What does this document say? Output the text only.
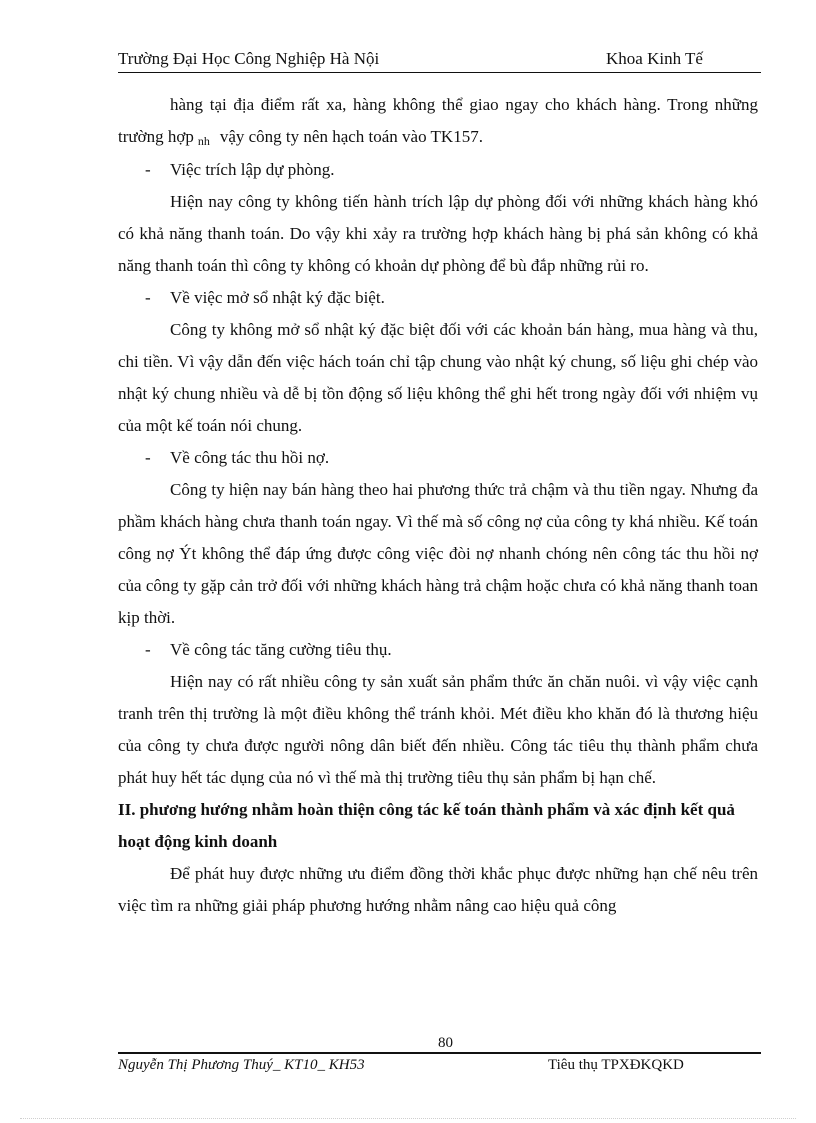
Trường Đại Học Công Nghiệp Hà Nội	Khoa Kinh Tế

hàng tại địa điểm rất xa, hàng không thể giao ngay cho khách hàng. Trong những trường hợp nh vậy công ty nên hạch toán vào TK157.

- Việc trích lập dự phòng.

Hiện nay công ty không tiến hành trích lập dự phòng đối với những khách hàng khó có khả năng thanh toán. Do vậy khi xảy ra trường hợp khách hàng bị phá sản không có khả năng thanh toán thì công ty không có khoản dự phòng để bù đắp những rủi ro.

- Về việc mở sổ nhật ký đặc biệt.

Công ty không mở sổ nhật ký đặc biệt đối với các khoản bán hàng, mua hàng và thu, chi tiền. Vì vậy dẫn đến việc hách toán chỉ tập chung vào nhật ký chung, số liệu ghi chép vào nhật ký chung nhiều và dễ bị tồn động số liệu không thể ghi hết trong ngày đối với nhiệm vụ của một kế toán nói chung.

- Về công tác thu hồi nợ.

Công ty hiện nay bán hàng theo hai phương thức trả chậm và thu tiền ngay. Nhưng đa phầm khách hàng chưa thanh toán ngay. Vì thế mà số công nợ của công ty khá nhiều. Kế toán công nợ Ýt không thể đáp ứng được công việc đòi nợ nhanh chóng nên công tác thu hồi nợ của công ty gặp cản trở đối với những khách hàng trả chậm hoặc chưa có khả năng thanh toan kịp thời.

- Về công tác tăng cường tiêu thụ.

Hiện nay có rất nhiều công ty sản xuất sản phẩm thức ăn chăn nuôi. vì vậy việc cạnh tranh trên thị trường là một điều không thể tránh khỏi. Mét điều kho khăn đó là thương hiệu của công ty chưa được người nông dân biết đến nhiều. Công tác tiêu thụ thành phẩm chưa phát huy hết tác dụng của nó vì thế mà thị trường tiêu thụ sản phẩm bị hạn chế.

II. phương hướng nhằm hoàn thiện công tác kế toán thành phẩm và xác định kết quả hoạt động kinh doanh

Để phát huy được những ưu điểm đồng thời khắc phục được những hạn chế nêu trên việc tìm ra những giải pháp phương hướng nhằm nâng cao hiệu quả công

80
Nguyễn Thị Phương Thuý_ KT10_ KH53	Tiêu thụ TPXĐKQKD
